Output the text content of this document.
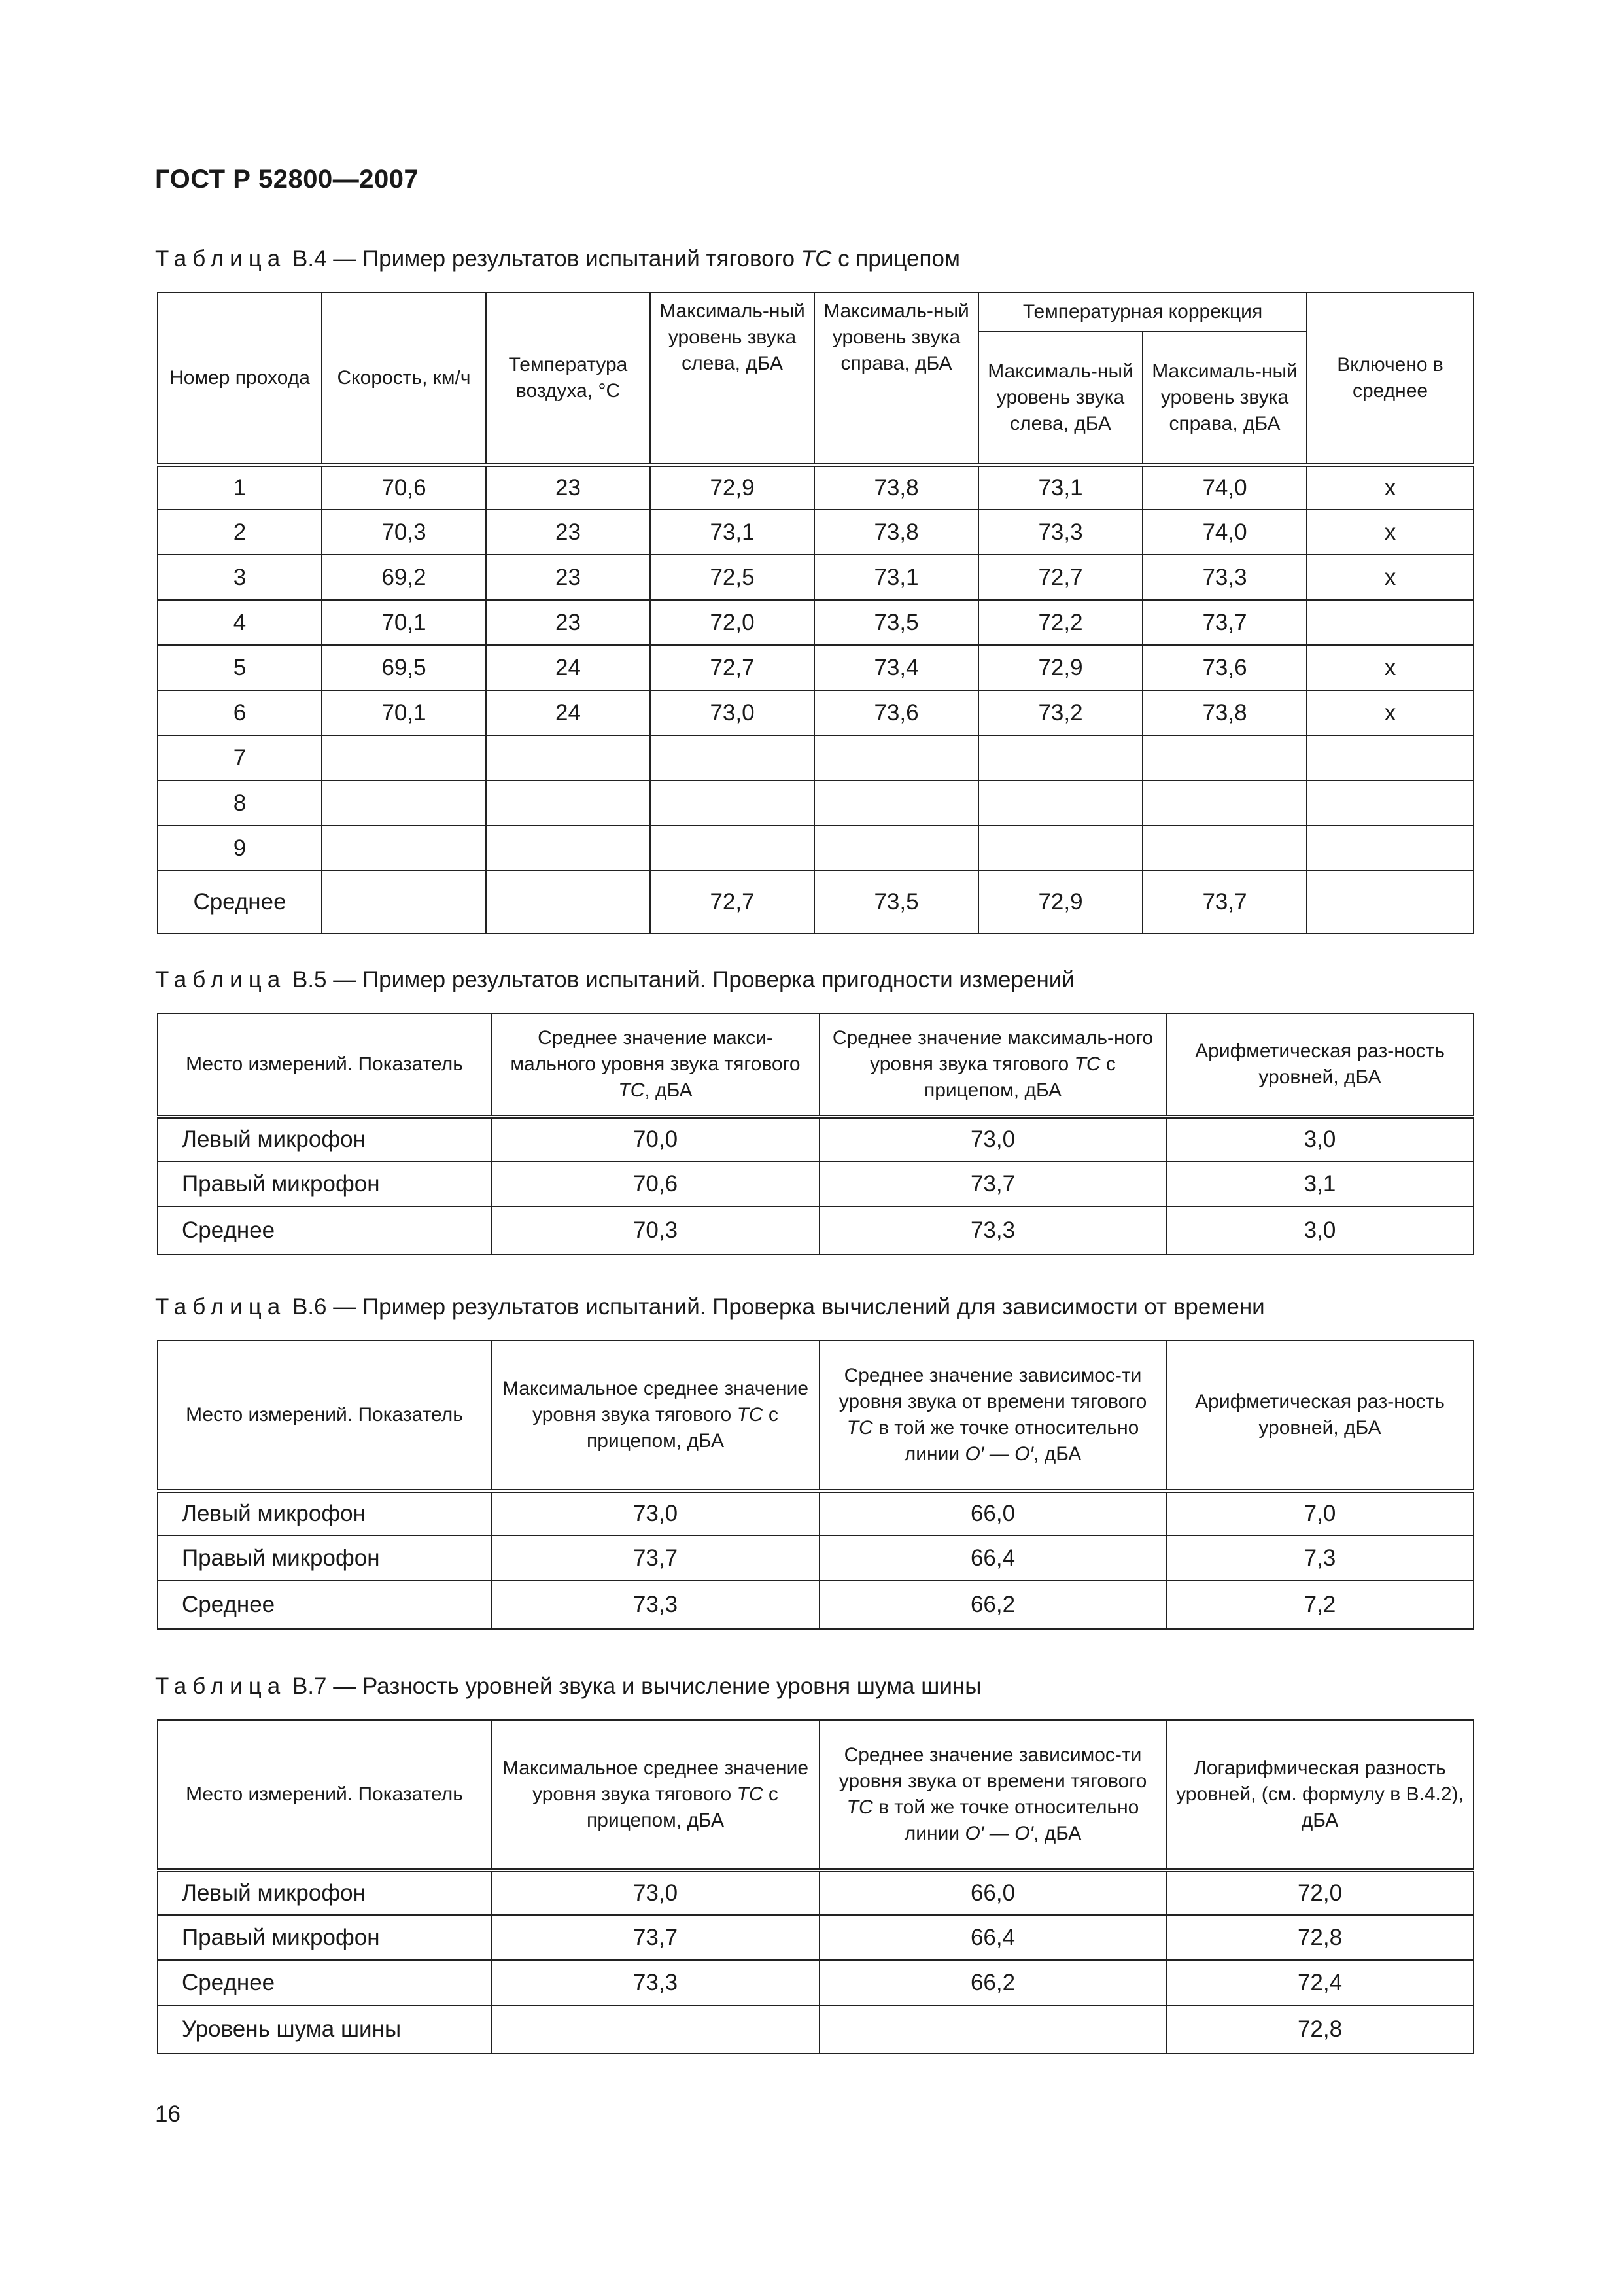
ГОСТ Р 52800—2007
Таблица В.4 — Пример результатов испытаний тягового ТС с прицепом
Номер прохода	Скорость, км/ч	Температура воздуха, °С	Максималь-ный уровень звука слева, дБА	Максималь-ный уровень звука справа, дБА	Температурная коррекция		Включено в среднее
					Максималь-ный уровень звука слева, дБА	Максималь-ный уровень звука справа, дБА	
1	70,6	23	72,9	73,8	73,1	74,0	x
2	70,3	23	73,1	73,8	73,3	74,0	x
3	69,2	23	72,5	73,1	72,7	73,3	x
4	70,1	23	72,0	73,5	72,2	73,7	
5	69,5	24	72,7	73,4	72,9	73,6	x
6	70,1	24	73,0	73,6	73,2	73,8	x
7							
8							
9							
Среднее			72,7	73,5	72,9	73,7	
Таблица В.5 — Пример результатов испытаний. Проверка пригодности измерений
Место измерений. Показатель	Среднее значение макси-мального уровня звука тягового ТС, дБА	Среднее значение максималь-ного уровня звука тягового ТС с прицепом, дБА	Арифметическая раз-ность уровней, дБА
Левый микрофон	70,0	73,0	3,0
Правый микрофон	70,6	73,7	3,1
Среднее	70,3	73,3	3,0
Таблица В.6 — Пример результатов испытаний. Проверка вычислений для зависимости от времени
Место измерений. Показатель	Максимальное среднее значение уровня звука тягового ТС с прицепом, дБА	Среднее значение зависимос-ти уровня звука от времени тягового ТС в той же точке относительно линии О′ — О′, дБА	Арифметическая раз-ность уровней, дБА
Левый микрофон	73,0	66,0	7,0
Правый микрофон	73,7	66,4	7,3
Среднее	73,3	66,2	7,2
Таблица В.7 — Разность уровней звука и вычисление уровня шума шины
Место измерений. Показатель	Максимальное среднее значение уровня звука тягового ТС с прицепом, дБА	Среднее значение зависимос-ти уровня звука от времени тягового ТС в той же точке относительно линии О′ — О′, дБА	Логарифмическая разность уровней, (см. формулу в В.4.2), дБА
Левый микрофон	73,0	66,0	72,0
Правый микрофон	73,7	66,4	72,8
Среднее	73,3	66,2	72,4
Уровень шума шины			72,8
16
